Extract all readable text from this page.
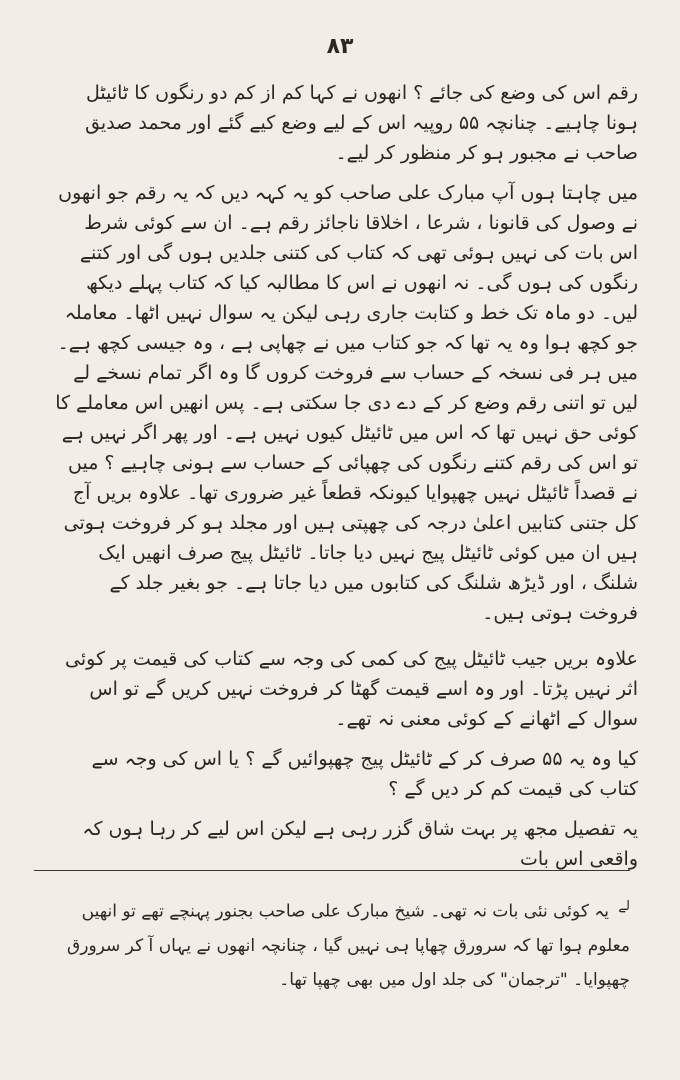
٨٣

رقم اس کی وضع کی جائے ؟ انھوں نے کہا کم از کم دو رنگوں کا ٹائیٹل ہونا چاہیے۔ چنانچہ ۵۵ روپیہ اس کے لیے وضع کیے گئے اور محمد صدیق صاحب نے مجبور ہو کر منظور کر لیے۔

میں چاہتا ہوں آپ مبارک علی صاحب کو یہ کہہ دیں کہ یہ رقم جو انھوں نے وصول کی قانونا ، شرعا ، اخلاقا ناجائز رقم ہے۔ ان سے کوئی شرط اس بات کی نہیں ہوئی تھی کہ کتاب کی کتنی جلدیں ہوں گی اور کتنے رنگوں کی ہوں گی۔ نہ انھوں نے اس کا مطالبہ کیا کہ کتاب پہلے دیکھ لیں۔ دو ماہ تک خط و کتابت جاری رہی لیکن یہ سوال نہیں اٹھا۔ معاملہ جو کچھ ہوا وہ یہ تھا کہ جو کتاب میں نے چھاپی ہے ، وہ جیسی کچھ ہے۔ میں ہر فی نسخہ کے حساب سے فروخت کروں گا وہ اگر تمام نسخے لے لیں تو اتنی رقم وضع کر کے دے دی جا سکتی ہے۔ پس انھیں اس معاملے کا کوئی حق نہیں تھا کہ اس میں ٹائیٹل کیوں نہیں ہے۔ اور پھر اگر نہیں ہے تو اس کی رقم کتنے رنگوں کی چھپائی کے حساب سے ہونی چاہیے ؟ میں نے قصداً ٹائیٹل نہیں چھپوایا کیونکہ قطعاً غیر ضروری تھا۔ علاوہ بریں آج کل جتنی کتابیں اعلیٰ درجہ کی چھپتی ہیں اور مجلد ہو کر فروخت ہوتی ہیں ان میں کوئی ٹائیٹل پیج نہیں دیا جاتا۔ ٹائیٹل پیج صرف انھیں ایک شلنگ ، اور ڈیڑھ شلنگ کی کتابوں میں دیا جاتا ہے۔ جو بغیر جلد کے فروخت ہوتی ہیں۔

علاوہ بریں جیب ٹائیٹل پیج کی کمی کی وجہ سے کتاب کی قیمت پر کوئی اثر نہیں پڑتا۔ اور وہ اسے قیمت گھٹا کر فروخت نہیں کریں گے تو اس سوال کے اٹھانے کے کوئی معنی نہ تھے۔

کیا وہ یہ ۵۵ صرف کر کے ٹائیٹل پیج چھپوائیں گے ؟ یا اس کی وجہ سے کتاب کی قیمت کم کر دیں گے ؟

یہ تفصیل مجھ پر بہت شاق گزر رہی ہے لیکن اس لیے کر رہا ہوں کہ واقعی اس بات

$^{لے}$ یہ کوئی نئی بات نہ تھی۔ شیخ مبارک علی صاحب بجنور پہنچے تھے تو انھیں معلوم ہوا تھا کہ سرورق چھاپا ہی نہیں گیا ، چنانچہ انھوں نے یہاں آ کر سرورق چھپوایا۔ "ترجمان" کی جلد اول میں بھی چھپا تھا۔
